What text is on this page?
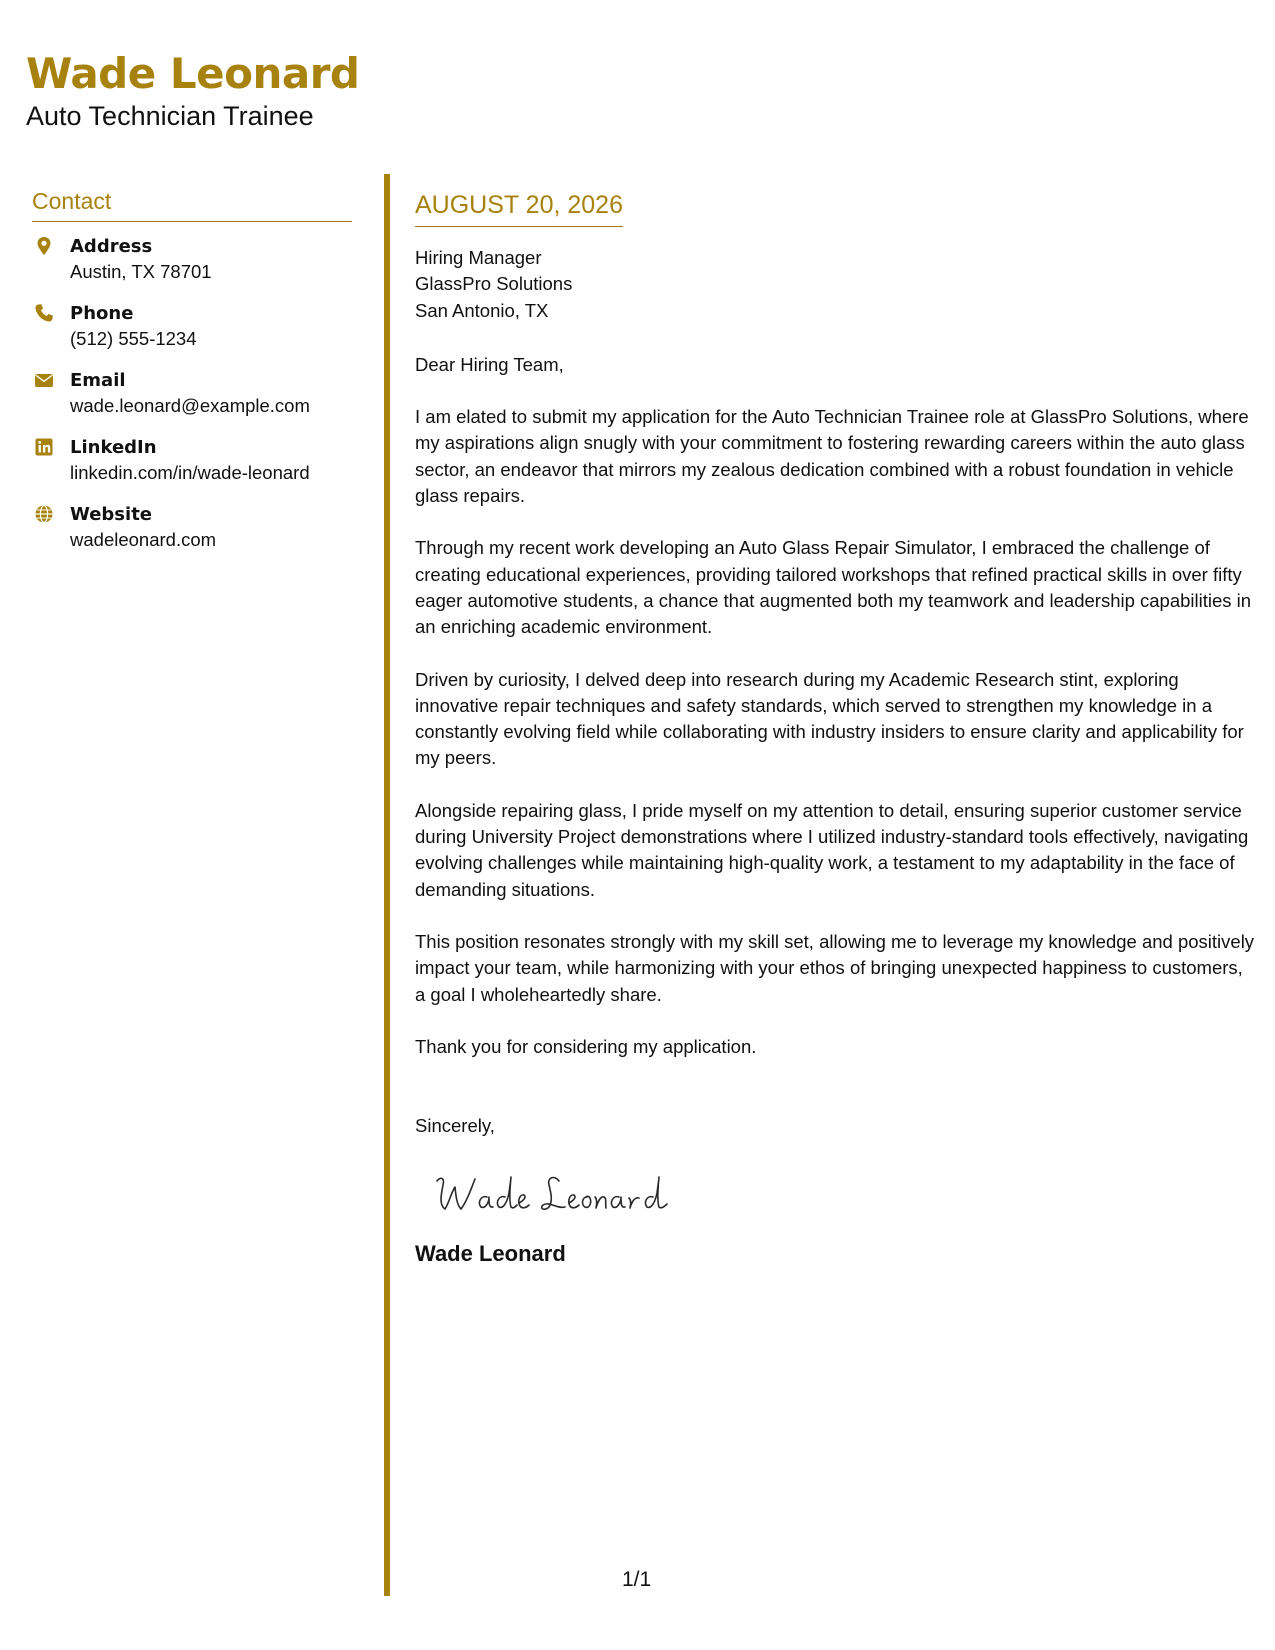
Wade Leonard
Auto Technician Trainee
Contact
Address
Austin, TX 78701
Phone
(512) 555-1234
Email
wade.leonard@example.com
LinkedIn
linkedin.com/in/wade-leonard
Website
wadeleonard.com
AUGUST 20, 2026
Hiring Manager
GlassPro Solutions
San Antonio, TX
Dear Hiring Team,

I am elated to submit my application for the Auto Technician Trainee role at GlassPro Solutions, where my aspirations align snugly with your commitment to fostering rewarding careers within the auto glass sector, an endeavor that mirrors my zealous dedication combined with a robust foundation in vehicle glass repairs.

Through my recent work developing an Auto Glass Repair Simulator, I embraced the challenge of creating educational experiences, providing tailored workshops that refined practical skills in over fifty eager automotive students, a chance that augmented both my teamwork and leadership capabilities in an enriching academic environment.

Driven by curiosity, I delved deep into research during my Academic Research stint, exploring innovative repair techniques and safety standards, which served to strengthen my knowledge in a constantly evolving field while collaborating with industry insiders to ensure clarity and applicability for my peers.

Alongside repairing glass, I pride myself on my attention to detail, ensuring superior customer service during University Project demonstrations where I utilized industry-standard tools effectively, navigating evolving challenges while maintaining high-quality work, a testament to my adaptability in the face of demanding situations.

This position resonates strongly with my skill set, allowing me to leverage my knowledge and positively impact your team, while harmonizing with your ethos of bringing unexpected happiness to customers, a goal I wholeheartedly share.

Thank you for considering my application.

Sincerely,
Wade Leonard
1/1
